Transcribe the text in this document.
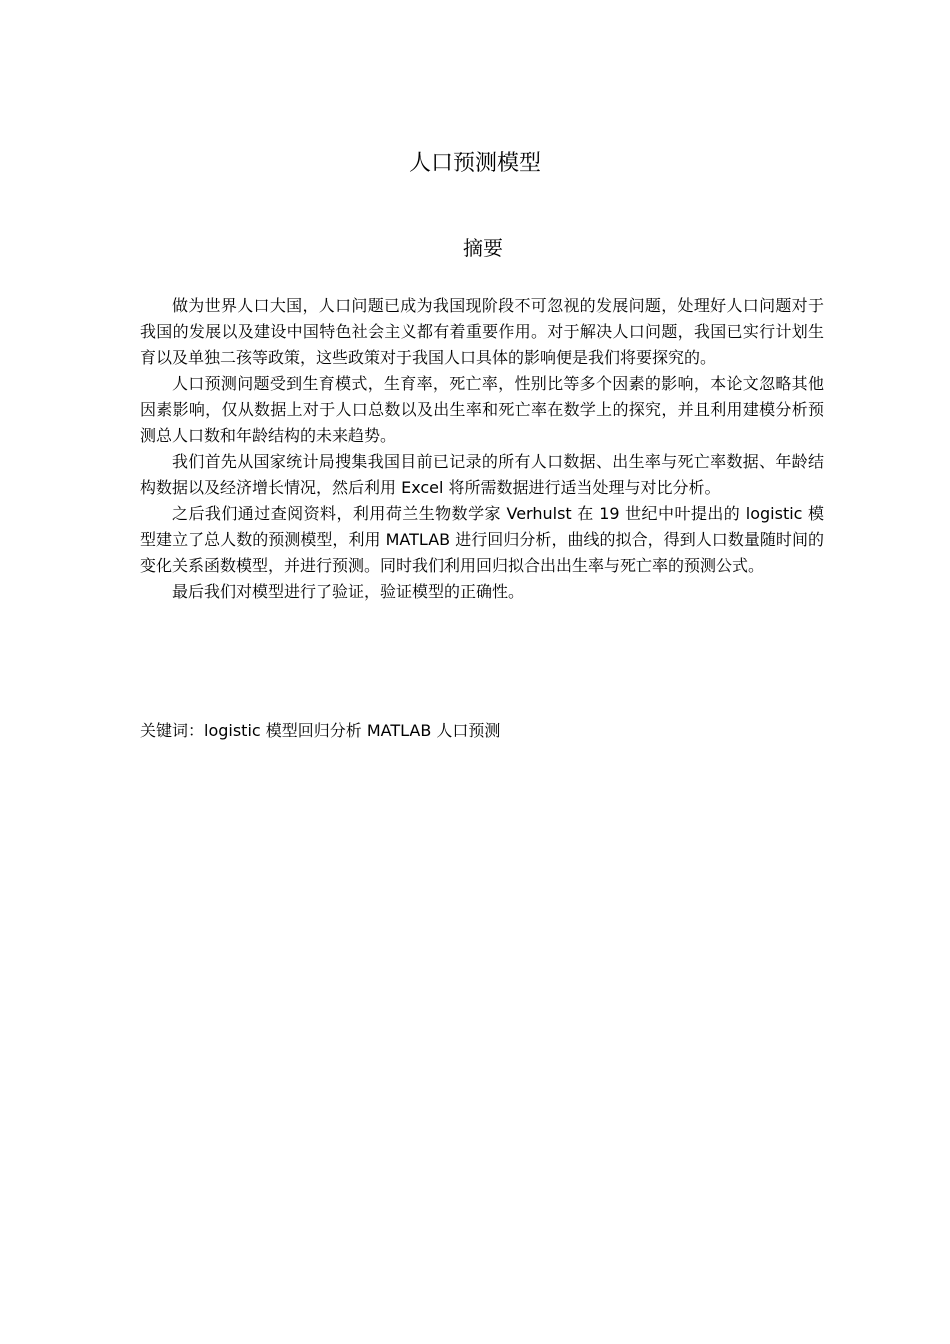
人口预测模型
摘要

做为世界人口大国，人口问题已成为我国现阶段不可忽视的发展问题，处理好人口问题对于我国的发展以及建设中国特色社会主义都有着重要作用。对于解决人口问题，我国已实行计划生育以及单独二孩等政策，这些政策对于我国人口具体的影响便是我们将要探究的。

人口预测问题受到生育模式，生育率，死亡率，性别比等多个因素的影响，本论文忽略其他因素影响，仅从数据上对于人口总数以及出生率和死亡率在数学上的探究，并且利用建模分析预测总人口数和年龄结构的未来趋势。

我们首先从国家统计局搜集我国目前已记录的所有人口数据、出生率与死亡率数据、年龄结构数据以及经济增长情况，然后利用 Excel 将所需数据进行适当处理与对比分析。

之后我们通过查阅资料，利用荷兰生物数学家 Verhulst 在 19 世纪中叶提出的 logistic 模型建立了总人数的预测模型，利用 MATLAB 进行回归分析，曲线的拟合，得到人口数量随时间的变化关系函数模型，并进行预测。同时我们利用回归拟合出出生率与死亡率的预测公式。

最后我们对模型进行了验证，验证模型的正确性。

关键词：logistic 模型回归分析 MATLAB 人口预测
